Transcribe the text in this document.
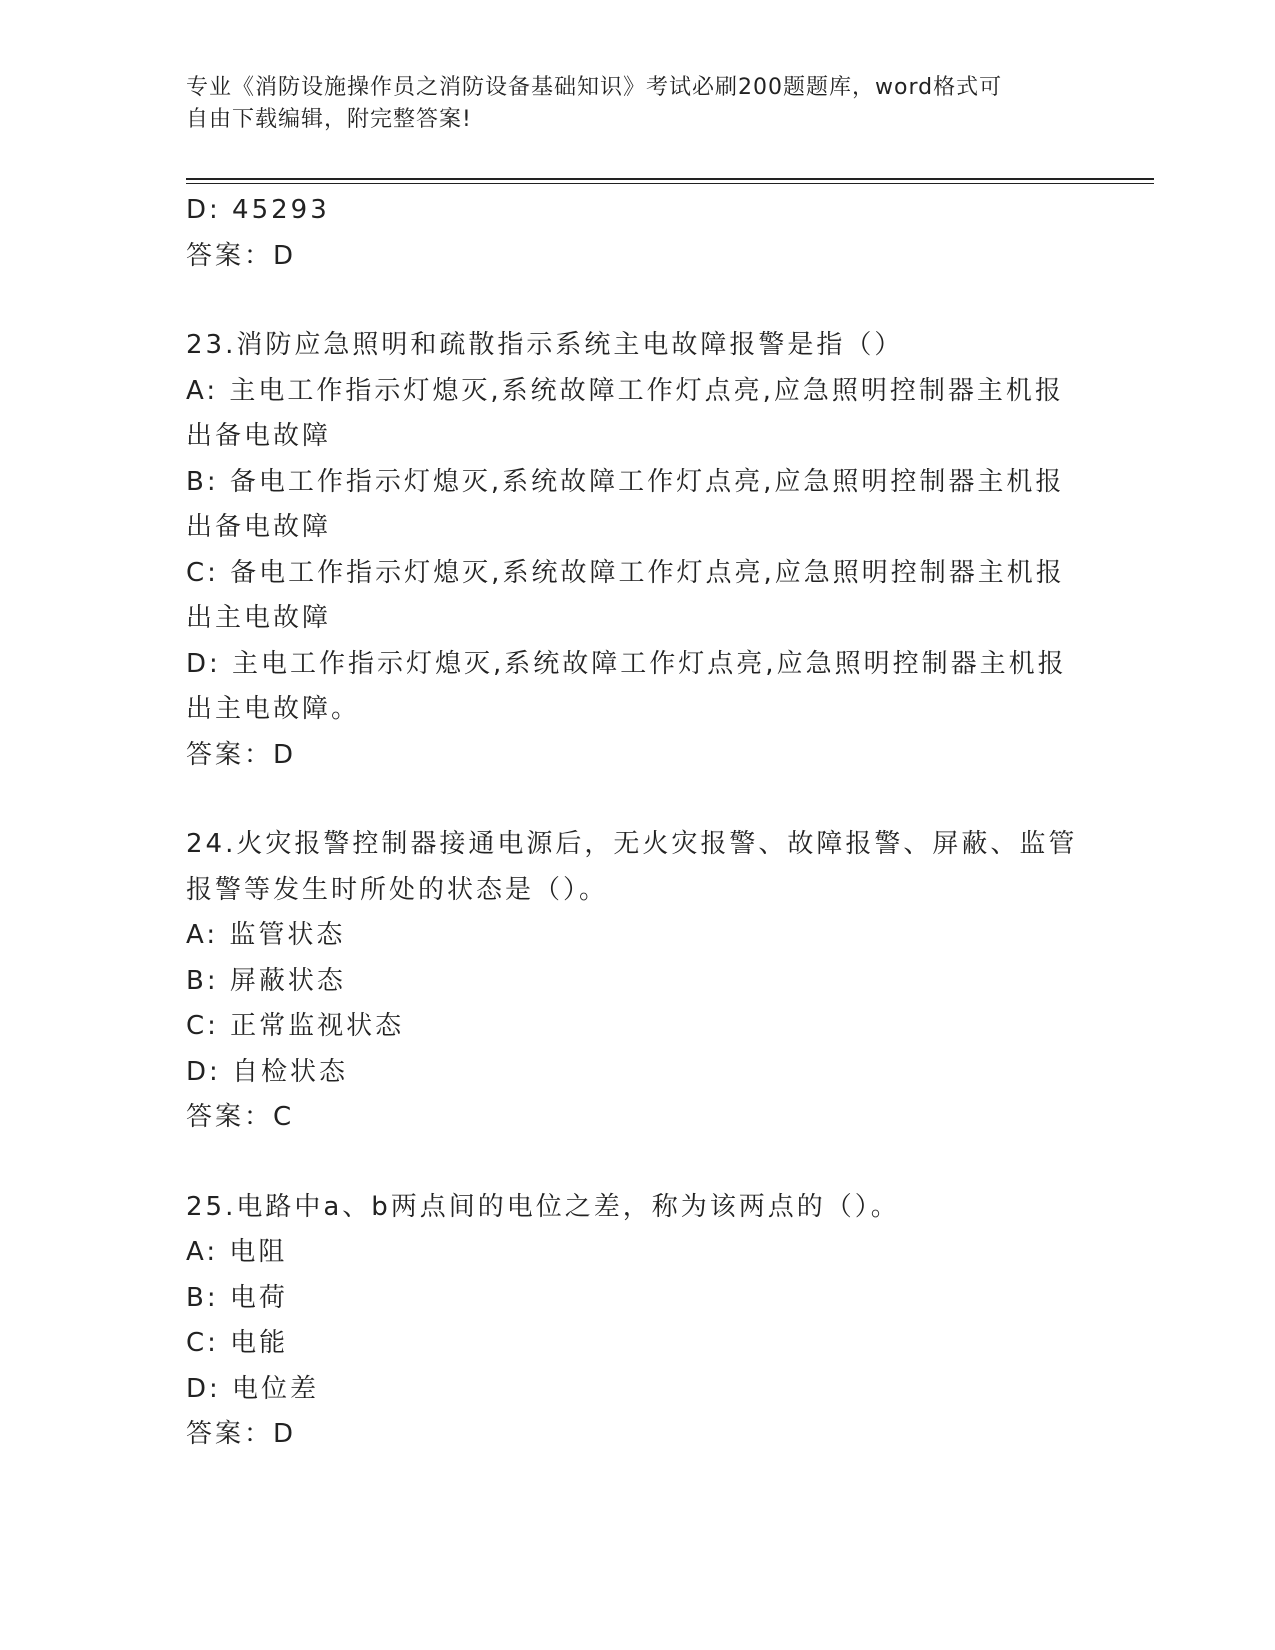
专业《消防设施操作员之消防设备基础知识》考试必刷200题题库，word格式可
自由下载编辑，附完整答案!
D: 45293
答案：D
23.消防应急照明和疏散指示系统主电故障报警是指（）
A: 主电工作指示灯熄灭,系统故障工作灯点亮,应急照明控制器主机报
出备电故障
B: 备电工作指示灯熄灭,系统故障工作灯点亮,应急照明控制器主机报
出备电故障
C: 备电工作指示灯熄灭,系统故障工作灯点亮,应急照明控制器主机报
出主电故障
D: 主电工作指示灯熄灭,系统故障工作灯点亮,应急照明控制器主机报
出主电故障。
答案：D
24.火灾报警控制器接通电源后，无火灾报警、故障报警、屏蔽、监管
报警等发生时所处的状态是（）。
A: 监管状态
B: 屏蔽状态
C: 正常监视状态
D: 自检状态
答案：C
25.电路中a、b两点间的电位之差，称为该两点的（）。
A: 电阻
B: 电荷
C: 电能
D: 电位差
答案：D
